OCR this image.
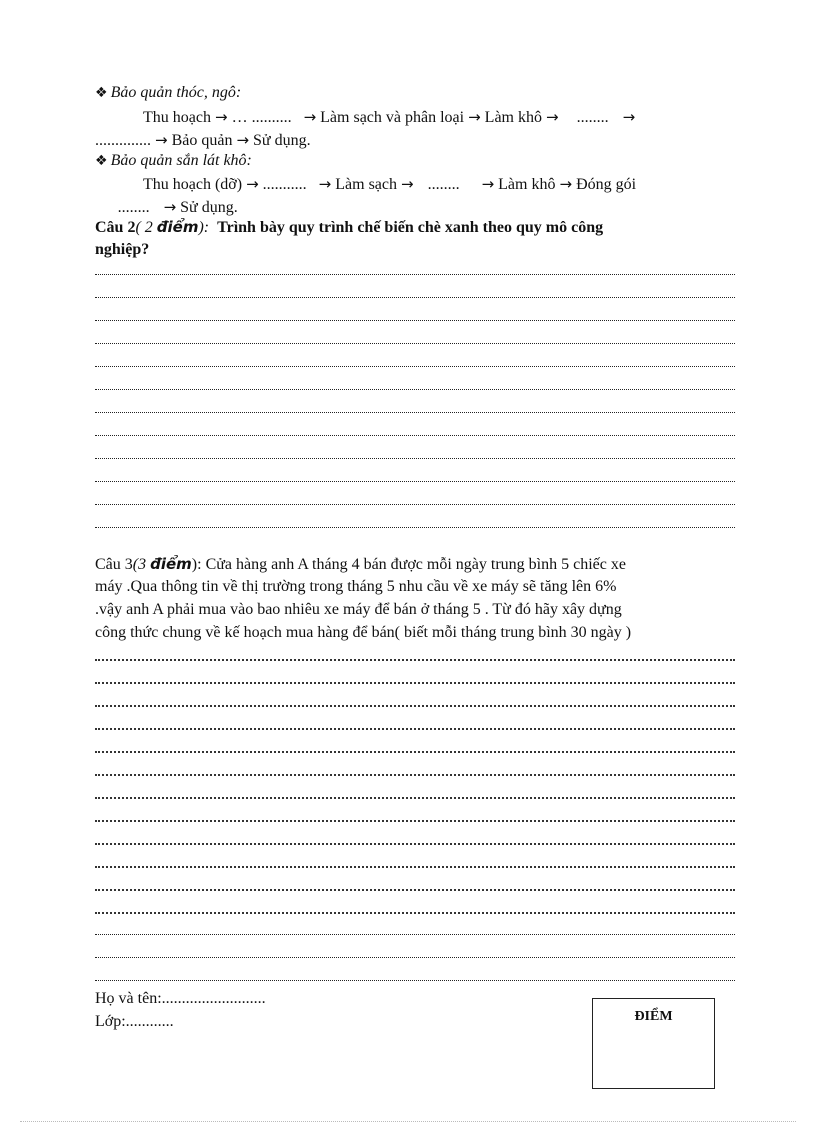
❖ Bảo quản thóc, ngô:
Thu hoạch → … .......... → Làm sạch và phân loại → Làm khô → ........ →
.............. → Bảo quản → Sử dụng.
❖ Bảo quản sắn lát khô:
Thu hoạch (dỡ) → ........... → Làm sạch → ........ → Làm khô → Đóng gói
........ → Sử dụng.
Câu 2( 2 điểm): Trình bày quy trình chế biến chè xanh theo quy mô công
nghiệp?
Câu 3(3 điểm): Cửa hàng anh A tháng 4 bán được mỗi ngày trung bình 5 chiếc xe
máy .Qua thông tin về thị trường trong tháng 5 nhu cầu về xe máy sẽ tăng lên 6%
.vậy anh A phải mua vào bao nhiêu xe máy để bán ở tháng 5 . Từ đó hãy xây dựng
công thức chung về kế hoạch mua hàng để bán( biết mỗi tháng trung bình 30 ngày )
Họ và tên:..........................
Lớp:............	ĐIỂM
